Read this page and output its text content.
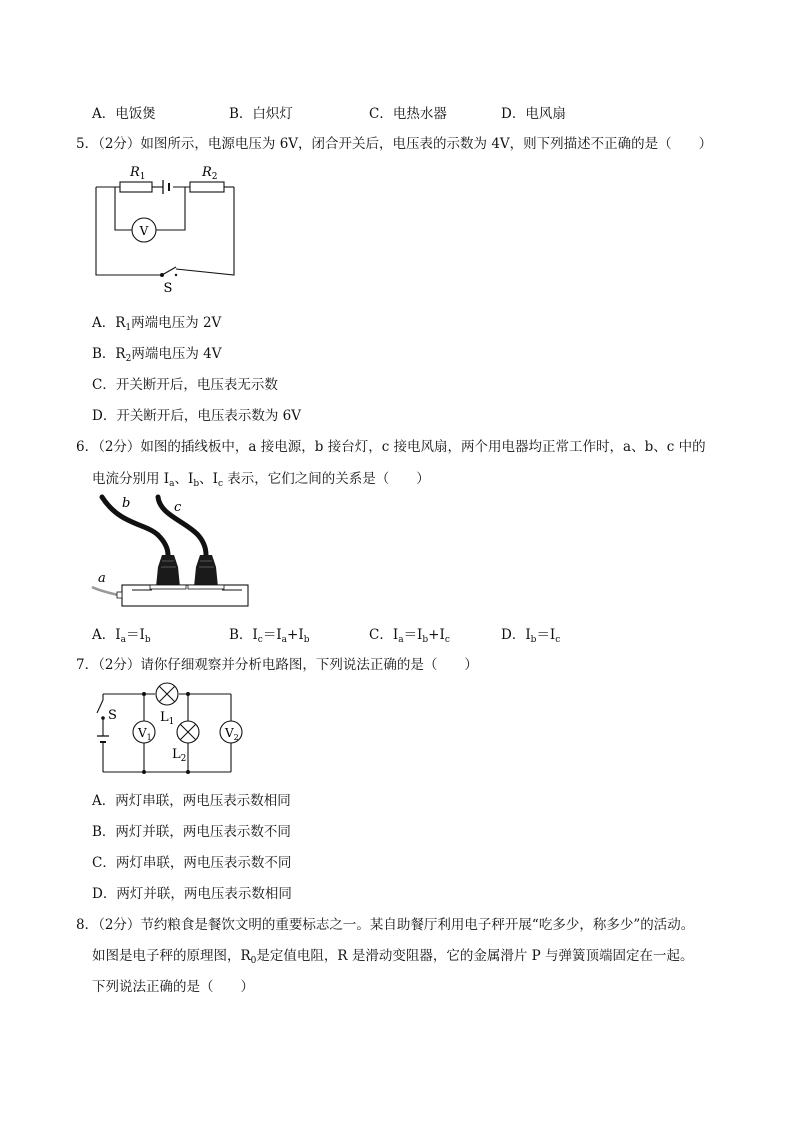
A．电饭煲	B．白炽灯	C．电热水器	D．电风扇
5．（2分）如图所示，电源电压为 6V，闭合开关后，电压表的示数为 4V，则下列描述不正确的是（　　）
$R_1$	$R_2$
V
S
A．$R_1$两端电压为 2V
B．$R_2$两端电压为 4V
C．开关断开后，电压表无示数
D．开关断开后，电压表示数为 6V
6．（2分）如图的插线板中，a 接电源，b 接台灯，c 接电风扇，两个用电器均正常工作时，a、b、c 中的
电流分别用 $I_a$、$I_b$、$I_c$ 表示，它们之间的关系是（　　）
b	c
a
A．$I_a=I_b$	B．$I_c=I_a+I_b$	C．$I_a=I_b+I_c$	D．$I_b=I_c$
7．（2分）请你仔细观察并分析电路图，下列说法正确的是（　　）
S	$L_1$
$L_2$
$V_1$	$V_2$
A．两灯串联，两电压表示数相同
B．两灯并联，两电压表示数不同
C．两灯串联，两电压表示数不同
D．两灯并联，两电压表示数相同
8．（2分）节约粮食是餐饮文明的重要标志之一。某自助餐厅利用电子秤开展“吃多少，称多少”的活动。
如图是电子秤的原理图，$R_0$是定值电阻，R 是滑动变阻器，它的金属滑片 P 与弹簧顶端固定在一起。
下列说法正确的是（　　）
